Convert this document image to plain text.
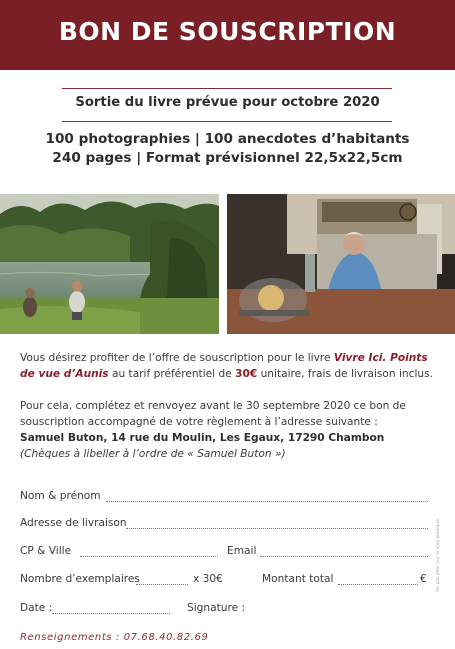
BON DE SOUSCRIPTION
Sortie du livre prévue pour octobre 2020
100 photographies | 100 anecdotes d’habitants
240 pages | Format prévisionnel 22,5x22,5cm

Vous désirez profiter de l’offre de souscription pour le livre Vivre Ici. Points de vue d’Aunis au tarif préférentiel de 30€ unitaire, frais de livraison inclus.

Pour cela, complétez et renvoyez avant le 30 septembre 2020 ce bon de souscription accompagné de votre règlement à l’adresse suivante :
Samuel Buton, 14 rue du Moulin, Les Egaux, 17290 Chambon
(Chèques à libeller à l’ordre de « Samuel Buton »)

Nom & prénom
Adresse de livraison
CP & Ville	Email
Nombre d’exemplaires	x 30€	Montant total	€
Date :	Signature :
Renseignements : 07.68.40.82.69
Ne pas jeter sur la voie publique
